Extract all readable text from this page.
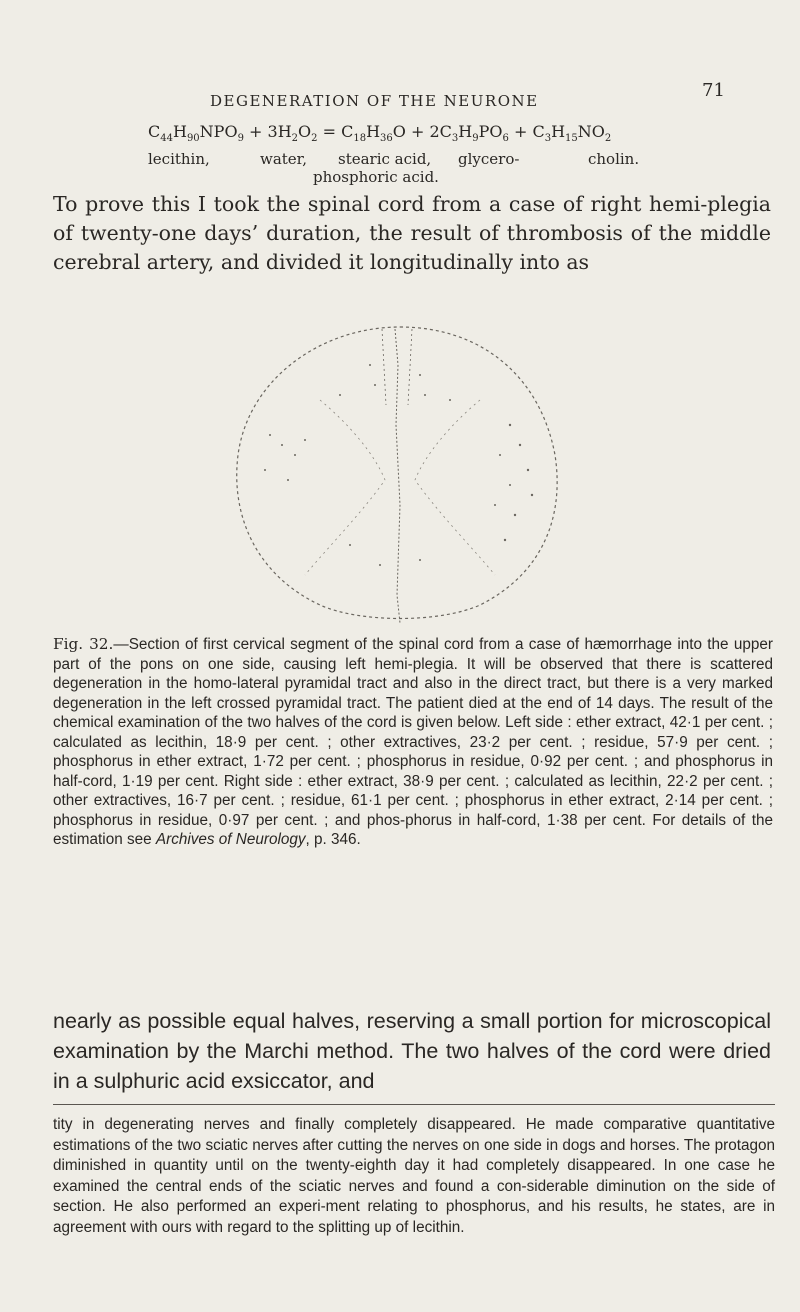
DEGENERATION OF THE NEURONE	71
$C_{44}H_{90}NPO_9 + 3H_2O_2 = C_{18}H_{36}O + 2C_3H_9PO_6 + C_3H_{15}NO_2$
lecithin,	water, stearic acid, glycero-	cholin.
phosphoric acid.
To prove this I took the spinal cord from a case of right hemi-plegia of twenty-one days’ duration, the result of thrombosis of the middle cerebral artery, and divided it longitudinally into as
Fig. 32.—Section of first cervical segment of the spinal cord from a case of hæmorrhage into the upper part of the pons on one side, causing left hemi-plegia. It will be observed that there is scattered degeneration in the homo-lateral pyramidal tract and also in the direct tract, but there is a very marked degeneration in the left crossed pyramidal tract. The patient died at the end of 14 days. The result of the chemical examination of the two halves of the cord is given below. Left side : ether extract, 42·1 per cent. ; calculated as lecithin, 18·9 per cent. ; other extractives, 23·2 per cent. ; residue, 57·9 per cent. ; phosphorus in ether extract, 1·72 per cent. ; phosphorus in residue, 0·92 per cent. ; and phosphorus in half-cord, 1·19 per cent. Right side : ether extract, 38·9 per cent. ; calculated as lecithin, 22·2 per cent. ; other extractives, 16·7 per cent. ; residue, 61·1 per cent. ; phosphorus in ether extract, 2·14 per cent. ; phosphorus in residue, 0·97 per cent. ; and phos-phorus in half-cord, 1·38 per cent. For details of the estimation see Archives of Neurology, p. 346.
nearly as possible equal halves, reserving a small portion for microscopical examination by the Marchi method. The two halves of the cord were dried in a sulphuric acid exsiccator, and
tity in degenerating nerves and finally completely disappeared. He made comparative quantitative estimations of the two sciatic nerves after cutting the nerves on one side in dogs and horses. The protagon diminished in quantity until on the twenty-eighth day it had completely disappeared. In one case he examined the central ends of the sciatic nerves and found a con-siderable diminution on the side of section. He also performed an experi-ment relating to phosphorus, and his results, he states, are in agreement with ours with regard to the splitting up of lecithin.
